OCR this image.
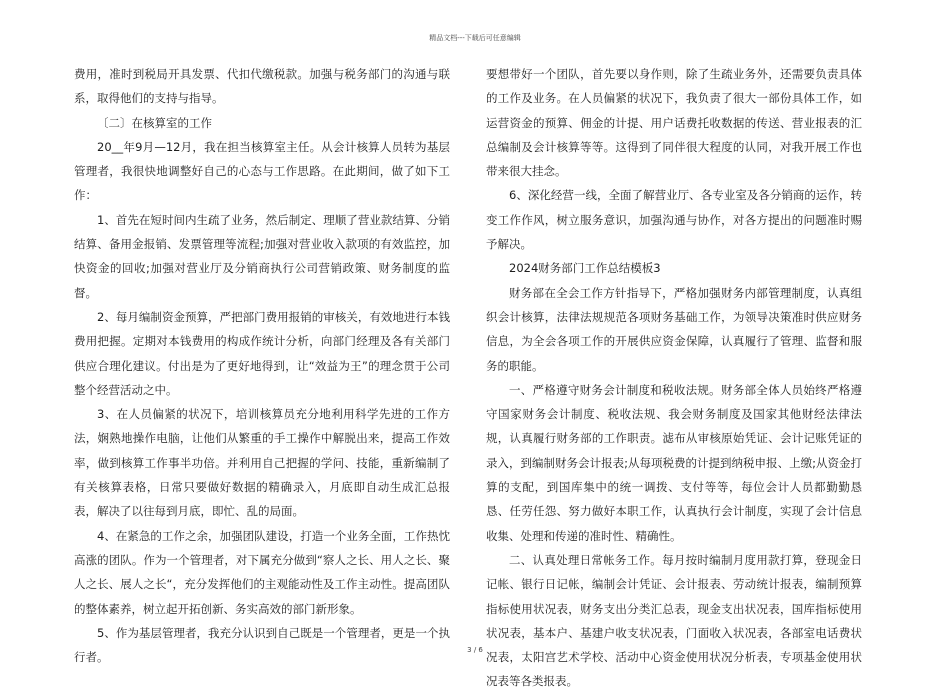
精品文档---下载后可任意编辑

费用，准时到税局开具发票、代扣代缴税款。加强与税务部门的沟通与联系，取得他们的支持与指导。

〔二〕在核算室的工作

20__年9月—12月，我在担当核算室主任。从会计核算人员转为基层管理者，我很快地调整好自己的心态与工作思路。在此期间，做了如下工作：

1、首先在短时间内生疏了业务，然后制定、理顺了营业款结算、分销结算、备用金报销、发票管理等流程;加强对营业收入款项的有效监控，加快资金的回收;加强对营业厅及分销商执行公司营销政策、财务制度的监督。

2、每月编制资金预算，严把部门费用报销的审核关，有效地进行本钱费用把握。定期对本钱费用的构成作统计分析，向部门经理及各有关部门供应合理化建议。付出是为了更好地得到，让“效益为王”的理念贯于公司整个经营活动之中。

3、在人员偏紧的状况下，培训核算员充分地利用科学先进的工作方法，娴熟地操作电脑，让他们从繁重的手工操作中解脱出来，提高工作效率，做到核算工作事半功倍。并利用自己把握的学问、技能，重新编制了有关核算表格，日常只要做好数据的精确录入，月底即自动生成汇总报表，解决了以往每到月底，即忙、乱的局面。

4、在紧急的工作之余，加强团队建设，打造一个业务全面，工作热忱高涨的团队。作为一个管理者，对下属充分做到“察人之长、用人之长、聚人之长、展人之长“，充分发挥他们的主观能动性及工作主动性。提高团队的整体素养，树立起开拓创新、务实高效的部门新形象。

5、作为基层管理者，我充分认识到自己既是一个管理者，更是一个执行者。

要想带好一个团队，首先要以身作则，除了生疏业务外，还需要负责具体的工作及业务。在人员偏紧的状况下，我负责了很大一部份具体工作，如运营资金的预算、佣金的计提、用户话费托收数据的传送、营业报表的汇总编制及会计核算等等。这得到了同伴很大程度的认同，对我开展工作也带来很大挂念。

6、深化经营一线，全面了解营业厅、各专业室及各分销商的运作，转变工作作风，树立服务意识，加强沟通与协作，对各方提出的问题准时赐予解决。

2024财务部门工作总结模板3

财务部在全会工作方针指导下，严格加强财务内部管理制度，认真组织会计核算，法律法规规范各项财务基础工作，为领导决策准时供应财务信息，为全会各项工作的开展供应资金保障，认真履行了管理、监督和服务的职能。

一、严格遵守财务会计制度和税收法规。财务部全体人员始终严格遵守国家财务会计制度、税收法规、我会财务制度及国家其他财经法律法规，认真履行财务部的工作职责。滤布从审核原始凭证、会计记账凭证的录入，到编制财务会计报表;从每项税费的计提到纳税申报、上缴;从资金打算的支配，到国库集中的统一调拨、支付等等，每位会计人员都勤勤恳恳、任劳任怨、努力做好本职工作，认真执行会计制度，实现了会计信息收集、处理和传递的准时性、精确性。

二、认真处理日常帐务工作。每月按时编制月度用款打算，登现金日记帐、银行日记帐，编制会计凭证、会计报表、劳动统计报表，编制预算指标使用状况表，财务支出分类汇总表，现金支出状况表，国库指标使用状况表，基本户、基建户收支状况表，门面收入状况表，各部室电话费状况表，太阳宫艺术学校、活动中心资金使用状况分析表，专项基金使用状况表等各类报表。

3 / 6
